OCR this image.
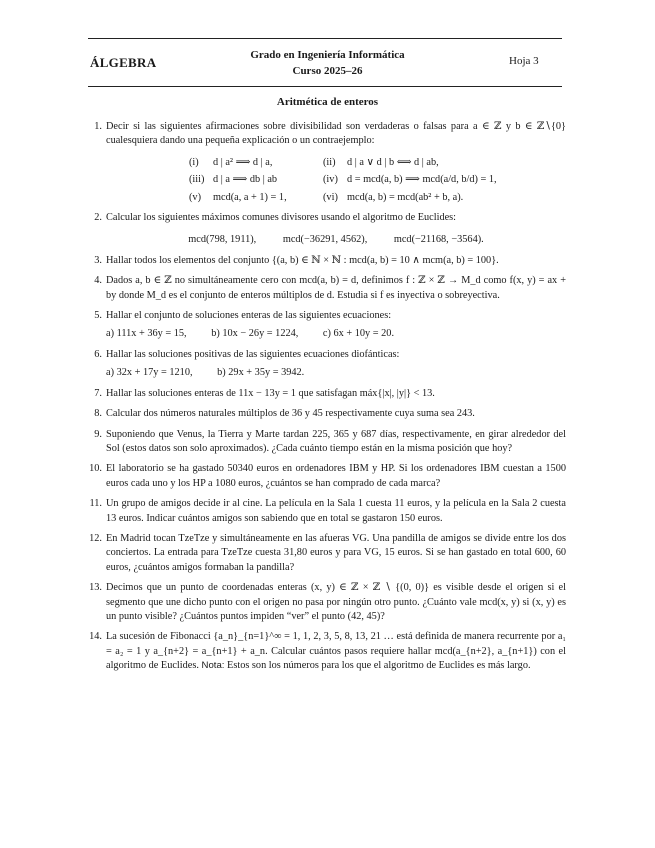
ÁLGEBRA	Grado en Ingeniería Informática
Curso 2025–26
Hoja 3
Aritmética de enteros
1. Decir si las siguientes afirmaciones sobre divisibilidad son verdaderas o falsas para a ∈ ℤ y b ∈ ℤ∖{0} cualesquiera dando una pequeña explicación o un contraejemplo:
(i)	d | a² ⟹ d | a,	(ii)	d | a ∨ d | b ⟺ d | ab,
(iii) d | a ⟹ db | ab	(iv) d = mcd(a, b) ⟹ mcd(a/d, b/d) = 1,
(v)	mcd(a, a + 1) = 1,	(vi) mcd(a, b) = mcd(ab² + b, a).
2. Calcular los siguientes máximos comunes divisores usando el algoritmo de Euclides:
mcd(798, 1911),	mcd(−36291, 4562),	mcd(−21168, −3564).
3. Hallar todos los elementos del conjunto {(a, b) ∈ ℕ × ℕ : mcd(a, b) = 10 ∧ mcm(a, b) = 100}.
4. Dados a, b ∈ ℤ no simultáneamente cero con mcd(a, b) = d, definimos f : ℤ × ℤ → M_d como f(x, y) = ax + by donde M_d es el conjunto de enteros múltiplos de d. Estudia si f es inyectiva o sobreyectiva.
5. Hallar el conjunto de soluciones enteras de las siguientes ecuaciones:
a) 111x + 36y = 15, b) 10x − 26y = 1224, c) 6x + 10y = 20.
6. Hallar las soluciones positivas de las siguientes ecuaciones diofánticas:
a) 32x + 17y = 1210, b) 29x + 35y = 3942.
7. Hallar las soluciones enteras de 11x − 13y = 1 que satisfagan máx{|x|, |y|} < 13.
8. Calcular dos números naturales múltiplos de 36 y 45 respectivamente cuya suma sea 243.
9. Suponiendo que Venus, la Tierra y Marte tardan 225, 365 y 687 días, respectivamente, en girar alrededor del Sol (estos datos son solo aproximados). ¿Cada cuánto tiempo están en la misma posición que hoy?
10. El laboratorio se ha gastado 50340 euros en ordenadores IBM y HP. Si los ordenadores IBM cuestan a 1500 euros cada uno y los HP a 1080 euros, ¿cuántos se han comprado de cada marca?
11. Un grupo de amigos decide ir al cine. La película en la Sala 1 cuesta 11 euros, y la película en la Sala 2 cuesta 13 euros. Indicar cuántos amigos son sabiendo que en total se gastaron 150 euros.
12. En Madrid tocan TzeTze y simultáneamente en las afueras VG. Una pandilla de amigos se divide entre los dos conciertos. La entrada para TzeTze cuesta 31,80 euros y para VG, 15 euros. Si se han gastado en total 600, 60 euros, ¿cuántos amigos formaban la pandilla?
13. Decimos que un punto de coordenadas enteras (x, y) ∈ ℤ × ℤ ∖ {(0, 0)} es visible desde el origen si el segmento que une dicho punto con el origen no pasa por ningún otro punto. ¿Cuánto vale mcd(x, y) si (x, y) es un punto visible? ¿Cuántos puntos impiden “ver” el punto (42, 45)?
14. La sucesión de Fibonacci {a_n}_{n=1}^∞ = 1, 1, 2, 3, 5, 8, 13, 21 … está definida de manera recurrente por a₁ = a₂ = 1 y a_{n+2} = a_{n+1} + a_n. Calcular cuántos pasos requiere hallar mcd(a_{n+2}, a_{n+1}) con el algoritmo de Euclides. Nota: Estos son los números para los que el algoritmo de Euclides es más largo.
